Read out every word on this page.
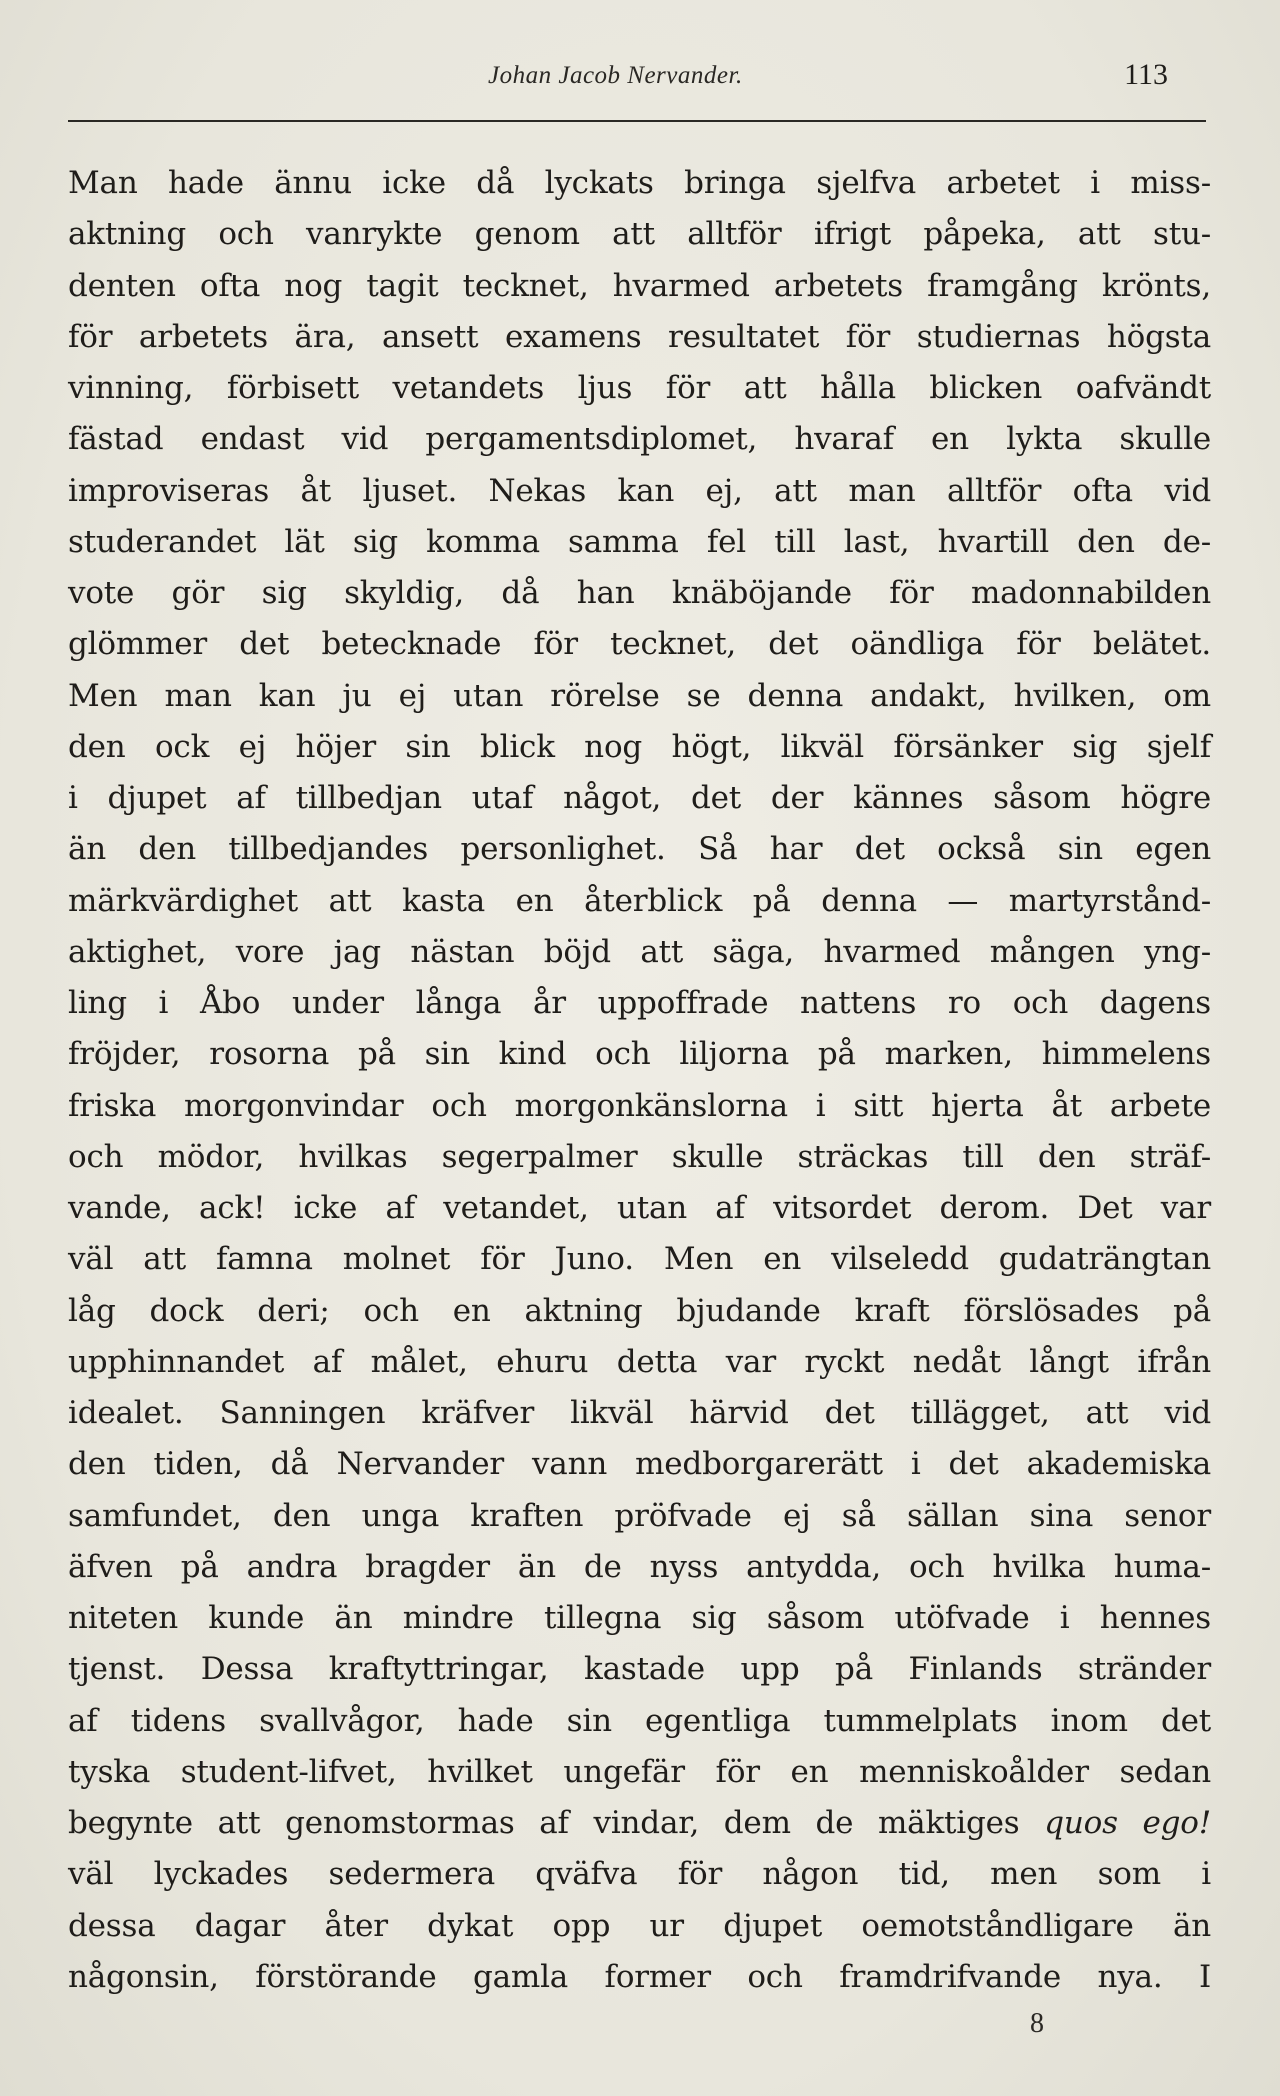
Johan Jacob Nervander.	113
Man hade ännu icke då lyckats bringa sjelfva arbetet i miss-
aktning och vanrykte genom att alltför ifrigt påpeka, att stu-
denten ofta nog tagit tecknet, hvarmed arbetets framgång krönts,
för arbetets ära, ansett examens resultatet för studiernas högsta
vinning, förbisett vetandets ljus för att hålla blicken oafvändt
fästad endast vid pergamentsdiplomet, hvaraf en lykta skulle
improviseras åt ljuset. Nekas kan ej, att man alltför ofta vid
studerandet lät sig komma samma fel till last, hvartill den de-
vote gör sig skyldig, då han knäböjande för madonnabilden
glömmer det betecknade för tecknet, det oändliga för belätet.
Men man kan ju ej utan rörelse se denna andakt, hvilken, om
den ock ej höjer sin blick nog högt, likväl försänker sig sjelf
i djupet af tillbedjan utaf något, det der kännes såsom högre
än den tillbedjandes personlighet. Så har det också sin egen
märkvärdighet att kasta en återblick på denna — martyrstånd-
aktighet, vore jag nästan böjd att säga, hvarmed mången yng-
ling i Åbo under långa år uppoffrade nattens ro och dagens
fröjder, rosorna på sin kind och liljorna på marken, himmelens
friska morgonvindar och morgonkänslorna i sitt hjerta åt arbete
och mödor, hvilkas segerpalmer skulle sträckas till den sträf-
vande, ack! icke af vetandet, utan af vitsordet derom. Det var
väl att famna molnet för Juno. Men en vilseledd gudaträngtan
låg dock deri; och en aktning bjudande kraft förslösades på
upphinnandet af målet, ehuru detta var ryckt nedåt långt ifrån
idealet. Sanningen kräfver likväl härvid det tillägget, att vid
den tiden, då Nervander vann medborgarerätt i det akademiska
samfundet, den unga kraften pröfvade ej så sällan sina senor
äfven på andra bragder än de nyss antydda, och hvilka huma-
niteten kunde än mindre tillegna sig såsom utöfvade i hennes
tjenst. Dessa kraftyttringar, kastade upp på Finlands stränder
af tidens svallvågor, hade sin egentliga tummelplats inom det
tyska student-lifvet, hvilket ungefär för en menniskoålder sedan
begynte att genomstormas af vindar, dem de mäktiges quos ego!
väl lyckades sedermera qväfva för någon tid, men som i
dessa dagar åter dykat opp ur djupet oemotståndligare än
någonsin, förstörande gamla former och framdrifvande nya. I
8
